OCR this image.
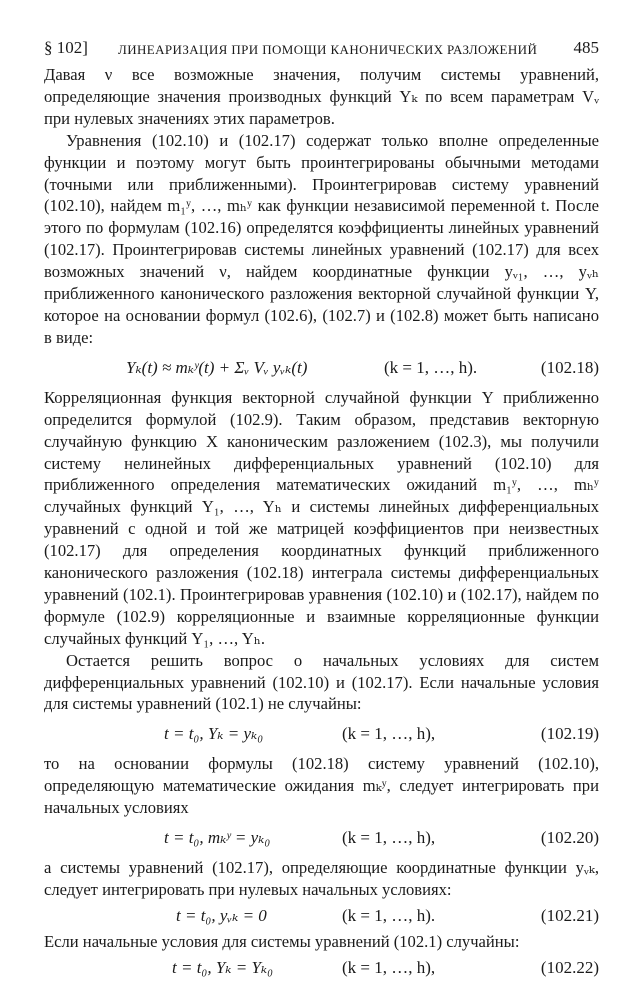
§ 102] ЛИНЕАРИЗАЦИЯ ПРИ ПОМОЩИ КАНОНИЧЕСКИХ РАЗЛОЖЕНИЙ 485

Давая ν все возможные значения, получим системы уравнений, определяющие значения производных функций Yₖ по всем параметрам Vᵥ при нулевых значениях этих параметров.

Уравнения (102.10) и (102.17) содержат только вполне определенные функции и поэтому могут быть проинтегрированы обычными методами (точными или приближенными). Проинтегрировав систему уравнений (102.10), найдем m₁ʸ, …, mₕʸ как функции независимой переменной t. После этого по формулам (102.16) определятся коэффициенты линейных уравнений (102.17). Проинтегрировав системы линейных уравнений (102.17) для всех возможных значений ν, найдем координатные функции yᵥ₁, …, yᵥₕ приближенного канонического разложения векторной случайной функции Y, которое на основании формул (102.6), (102.7) и (102.8) может быть написано в виде:

Yₖ(t) ≈ mₖʸ(t) + Σᵥ Vᵥ yᵥₖ(t)	(k = 1, …, h).	(102.18)

Корреляционная функция векторной случайной функции Y приближенно определится формулой (102.9). Таким образом, представив векторную случайную функцию X каноническим разложением (102.3), мы получили систему нелинейных дифференциальных уравнений (102.10) для приближенного определения математических ожиданий m₁ʸ, …, mₕʸ случайных функций Y₁, …, Yₕ и системы линейных дифференциальных уравнений с одной и той же матрицей коэффициентов при неизвестных (102.17) для определения координатных функций приближенного канонического разложения (102.18) интеграла системы дифференциальных уравнений (102.1). Проинтегрировав уравнения (102.10) и (102.17), найдем по формуле (102.9) корреляционные и взаимные корреляционные функции случайных функций Y₁, …, Yₕ.

Остается решить вопрос о начальных условиях для систем дифференциальных уравнений (102.10) и (102.17). Если начальные условия для системы уравнений (102.1) не случайны:

t = t₀, Yₖ = yₖ₀	(k = 1, …, h),	(102.19)

то на основании формулы (102.18) систему уравнений (102.10), определяющую математические ожидания mₖʸ, следует интегрировать при начальных условиях

t = t₀, mₖʸ = yₖ₀	(k = 1, …, h),	(102.20)

а системы уравнений (102.17), определяющие координатные функции yᵥₖ, следует интегрировать при нулевых начальных условиях:

t = t₀, yᵥₖ = 0	(k = 1, …, h).	(102.21)

Если начальные условия для системы уравнений (102.1) случайны:

t = t₀, Yₖ = Yₖ₀	(k = 1, …, h),	(102.22)
